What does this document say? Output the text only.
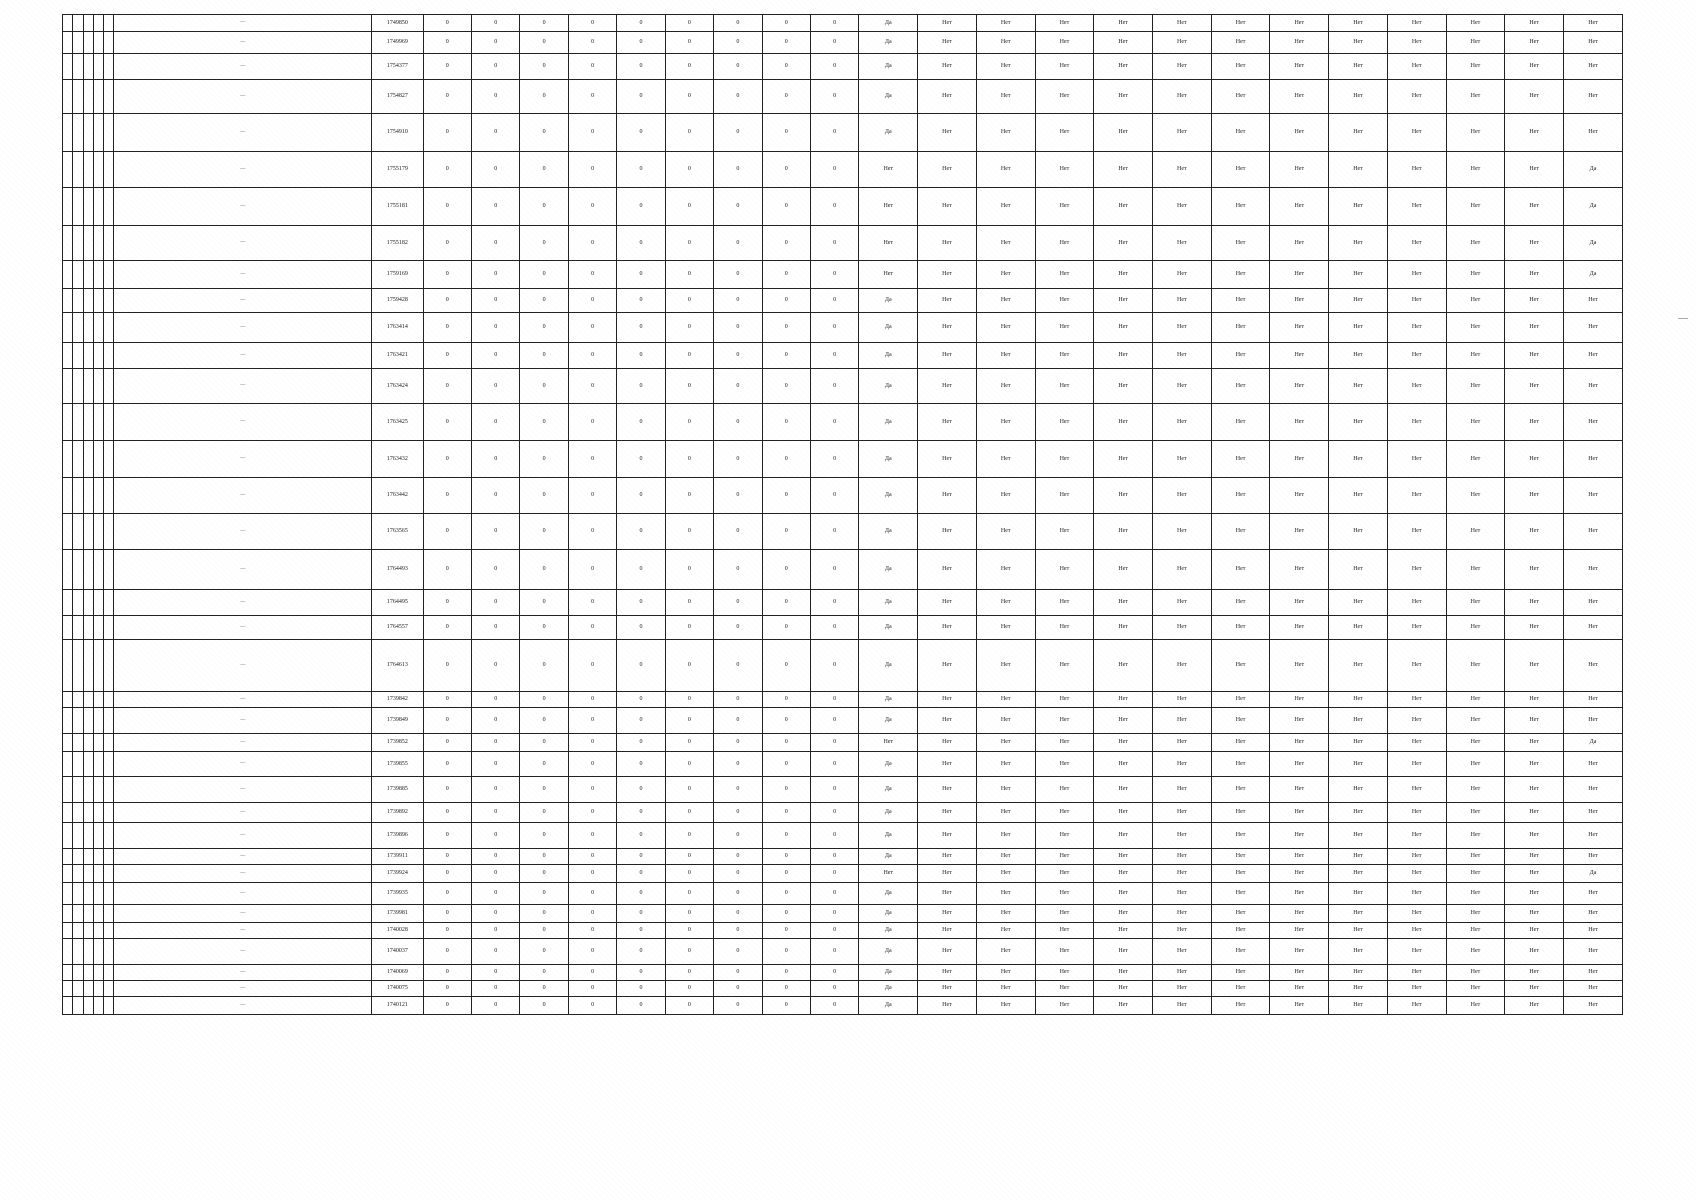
					—	1749850	0	0	0	0	0	0	0	0	0	Да	Нет	Нет	Нет	Нет	Нет	Нет	Нет	Нет	Нет	Нет	Нет	Нет
					—	1749969	0	0	0	0	0	0	0	0	0	Да	Нет	Нет	Нет	Нет	Нет	Нет	Нет	Нет	Нет	Нет	Нет	Нет
					—	1754377	0	0	0	0	0	0	0	0	0	Да	Нет	Нет	Нет	Нет	Нет	Нет	Нет	Нет	Нет	Нет	Нет	Нет
					—	1754827	0	0	0	0	0	0	0	0	0	Да	Нет	Нет	Нет	Нет	Нет	Нет	Нет	Нет	Нет	Нет	Нет	Нет
					—	1754910	0	0	0	0	0	0	0	0	0	Да	Нет	Нет	Нет	Нет	Нет	Нет	Нет	Нет	Нет	Нет	Нет	Нет
					—	1755179	0	0	0	0	0	0	0	0	0	Нет	Нет	Нет	Нет	Нет	Нет	Нет	Нет	Нет	Нет	Нет	Нет	Да
					—	1755181	0	0	0	0	0	0	0	0	0	Нет	Нет	Нет	Нет	Нет	Нет	Нет	Нет	Нет	Нет	Нет	Нет	Да
					—	1755182	0	0	0	0	0	0	0	0	0	Нет	Нет	Нет	Нет	Нет	Нет	Нет	Нет	Нет	Нет	Нет	Нет	Да
					—	1759169	0	0	0	0	0	0	0	0	0	Нет	Нет	Нет	Нет	Нет	Нет	Нет	Нет	Нет	Нет	Нет	Нет	Да
					—	1759428	0	0	0	0	0	0	0	0	0	Да	Нет	Нет	Нет	Нет	Нет	Нет	Нет	Нет	Нет	Нет	Нет	Нет
					—	1763414	0	0	0	0	0	0	0	0	0	Да	Нет	Нет	Нет	Нет	Нет	Нет	Нет	Нет	Нет	Нет	Нет	Нет
					—	1763421	0	0	0	0	0	0	0	0	0	Да	Нет	Нет	Нет	Нет	Нет	Нет	Нет	Нет	Нет	Нет	Нет	Нет
					—	1763424	0	0	0	0	0	0	0	0	0	Да	Нет	Нет	Нет	Нет	Нет	Нет	Нет	Нет	Нет	Нет	Нет	Нет
					—	1763425	0	0	0	0	0	0	0	0	0	Да	Нет	Нет	Нет	Нет	Нет	Нет	Нет	Нет	Нет	Нет	Нет	Нет
					—	1763432	0	0	0	0	0	0	0	0	0	Да	Нет	Нет	Нет	Нет	Нет	Нет	Нет	Нет	Нет	Нет	Нет	Нет
					—	1763442	0	0	0	0	0	0	0	0	0	Да	Нет	Нет	Нет	Нет	Нет	Нет	Нет	Нет	Нет	Нет	Нет	Нет
					—	1763565	0	0	0	0	0	0	0	0	0	Да	Нет	Нет	Нет	Нет	Нет	Нет	Нет	Нет	Нет	Нет	Нет	Нет
					—	1764493	0	0	0	0	0	0	0	0	0	Да	Нет	Нет	Нет	Нет	Нет	Нет	Нет	Нет	Нет	Нет	Нет	Нет
					—	1764495	0	0	0	0	0	0	0	0	0	Да	Нет	Нет	Нет	Нет	Нет	Нет	Нет	Нет	Нет	Нет	Нет	Нет
					—	1764557	0	0	0	0	0	0	0	0	0	Да	Нет	Нет	Нет	Нет	Нет	Нет	Нет	Нет	Нет	Нет	Нет	Нет
					—	1764613	0	0	0	0	0	0	0	0	0	Да	Нет	Нет	Нет	Нет	Нет	Нет	Нет	Нет	Нет	Нет	Нет	Нет
					—	1739842	0	0	0	0	0	0	0	0	0	Да	Нет	Нет	Нет	Нет	Нет	Нет	Нет	Нет	Нет	Нет	Нет	Нет
					—	1739849	0	0	0	0	0	0	0	0	0	Да	Нет	Нет	Нет	Нет	Нет	Нет	Нет	Нет	Нет	Нет	Нет	Нет
					—	1739852	0	0	0	0	0	0	0	0	0	Нет	Нет	Нет	Нет	Нет	Нет	Нет	Нет	Нет	Нет	Нет	Нет	Да
					—	1739855	0	0	0	0	0	0	0	0	0	Да	Нет	Нет	Нет	Нет	Нет	Нет	Нет	Нет	Нет	Нет	Нет	Нет
					—	1739885	0	0	0	0	0	0	0	0	0	Да	Нет	Нет	Нет	Нет	Нет	Нет	Нет	Нет	Нет	Нет	Нет	Нет
					—	1739892	0	0	0	0	0	0	0	0	0	Да	Нет	Нет	Нет	Нет	Нет	Нет	Нет	Нет	Нет	Нет	Нет	Нет
					—	1739896	0	0	0	0	0	0	0	0	0	Да	Нет	Нет	Нет	Нет	Нет	Нет	Нет	Нет	Нет	Нет	Нет	Нет
					—	1739911	0	0	0	0	0	0	0	0	0	Да	Нет	Нет	Нет	Нет	Нет	Нет	Нет	Нет	Нет	Нет	Нет	Нет
					—	1739924	0	0	0	0	0	0	0	0	0	Нет	Нет	Нет	Нет	Нет	Нет	Нет	Нет	Нет	Нет	Нет	Нет	Да
					—	1739935	0	0	0	0	0	0	0	0	0	Да	Нет	Нет	Нет	Нет	Нет	Нет	Нет	Нет	Нет	Нет	Нет	Нет
					—	1739981	0	0	0	0	0	0	0	0	0	Да	Нет	Нет	Нет	Нет	Нет	Нет	Нет	Нет	Нет	Нет	Нет	Нет
					—	1740028	0	0	0	0	0	0	0	0	0	Да	Нет	Нет	Нет	Нет	Нет	Нет	Нет	Нет	Нет	Нет	Нет	Нет
					—	1740037	0	0	0	0	0	0	0	0	0	Да	Нет	Нет	Нет	Нет	Нет	Нет	Нет	Нет	Нет	Нет	Нет	Нет
					—	1740069	0	0	0	0	0	0	0	0	0	Да	Нет	Нет	Нет	Нет	Нет	Нет	Нет	Нет	Нет	Нет	Нет	Нет
					—	1740075	0	0	0	0	0	0	0	0	0	Да	Нет	Нет	Нет	Нет	Нет	Нет	Нет	Нет	Нет	Нет	Нет	Нет
					—	1740121	0	0	0	0	0	0	0	0	0	Да	Нет	Нет	Нет	Нет	Нет	Нет	Нет	Нет	Нет	Нет	Нет	Нет
